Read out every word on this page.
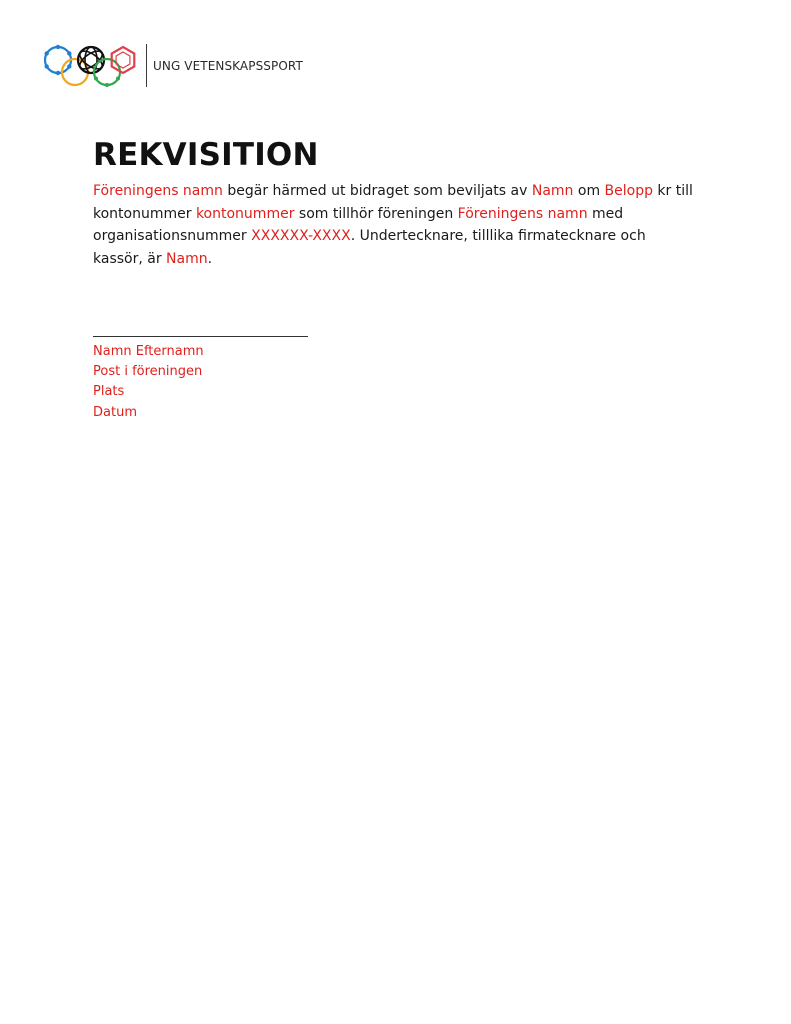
UNG VETENSKAPSSPORT
REKVISITION
Föreningens namn begär härmed ut bidraget som beviljats av Namn om Belopp kr till kontonummer kontonummer som tillhör föreningen Föreningens namn med organisationsnummer XXXXXX-XXXX. Undertecknare, tilllika firmatecknare och kassör, är Namn.
Namn Efternamn
Post i föreningen
Plats
Datum
